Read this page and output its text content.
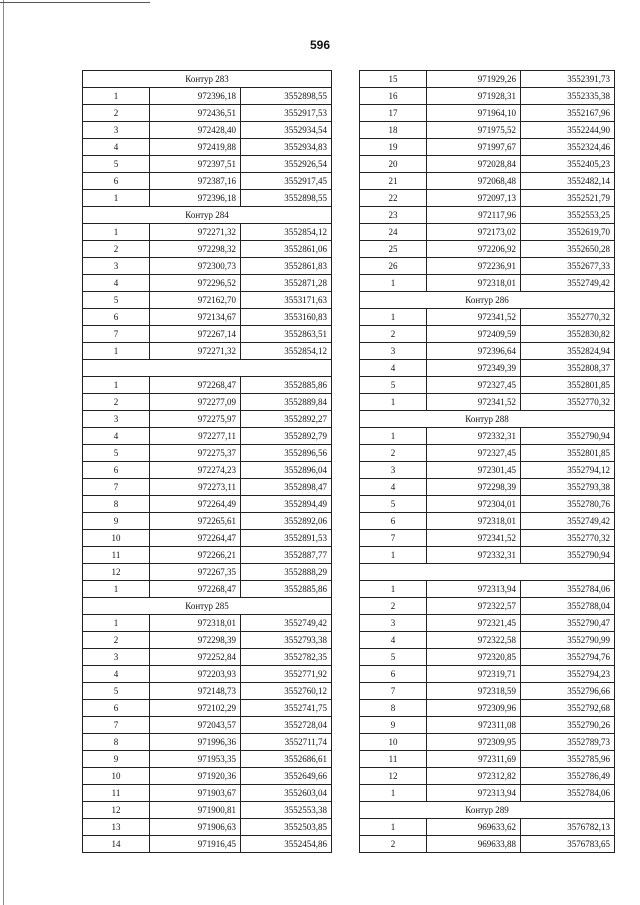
596
Контур 283		
1	972396,18	3552898,55
2	972436,51	3552917,53
3	972428,40	3552934,54
4	972419,88	3552934,83
5	972397,51	3552926,54
6	972387,16	3552917,45
1	972396,18	3552898,55
Контур 284		
1	972271,32	3552854,12
2	972298,32	3552861,06
3	972300,73	3552861,83
4	972296,52	3552871,28
5	972162,70	3553171,63
6	972134,67	3553160,83
7	972267,14	3552863,51
1	972271,32	3552854,12

1	972268,47	3552885,86
2	972277,09	3552889,84
3	972275,97	3552892,27
4	972277,11	3552892,79
5	972275,37	3552896,56
6	972274,23	3552896,04
7	972273,11	3552898,47
8	972264,49	3552894,49
9	972265,61	3552892,06
10	972264,47	3552891,53
11	972266,21	3552887,77
12	972267,35	3552888,29
1	972268,47	3552885,86
Контур 285		
1	972318,01	3552749,42
2	972298,39	3552793,38
3	972252,84	3552782,35
4	972203,93	3552771,92
5	972148,73	3552760,12
6	972102,29	3552741,75
7	972043,57	3552728,04
8	971996,36	3552711,74
9	971953,35	3552686,61
10	971920,36	3552649,66
11	971903,67	3552603,04
12	971900,81	3552553,38
13	971906,63	3552503,85
14	971916,45	3552454,86
15	971929,26	3552391,73
16	971928,31	3552335,38
17	971964,10	3552167,96
18	971975,52	3552244,90
19	971997,67	3552324,46
20	972028,84	3552405,23
21	972068,48	3552482,14
22	972097,13	3552521,79
23	972117,96	3552553,25
24	972173,02	3552619,70
25	972206,92	3552650,28
26	972236,91	3552677,33
1	972318,01	3552749,42
Контур 286		
1	972341,52	3552770,32
2	972409,59	3552830,82
3	972396,64	3552824,94
4	972349,39	3552808,37
5	972327,45	3552801,85
1	972341,52	3552770,32
Контур 288		
1	972332,31	3552790,94
2	972327,45	3552801,85
3	972301,45	3552794,12
4	972298,39	3552793,38
5	972304,01	3552780,76
6	972318,01	3552749,42
7	972341,52	3552770,32
1	972332,31	3552790,94

1	972313,94	3552784,06
2	972322,57	3552788,04
3	972321,45	3552790,47
4	972322,58	3552790,99
5	972320,85	3552794,76
6	972319,71	3552794,23
7	972318,59	3552796,66
8	972309,96	3552792,68
9	972311,08	3552790,26
10	972309,95	3552789,73
11	972311,69	3552785,96
12	972312,82	3552786,49
1	972313,94	3552784,06
Контур 289		
1	969633,62	3576782,13
2	969633,88	3576783,65
